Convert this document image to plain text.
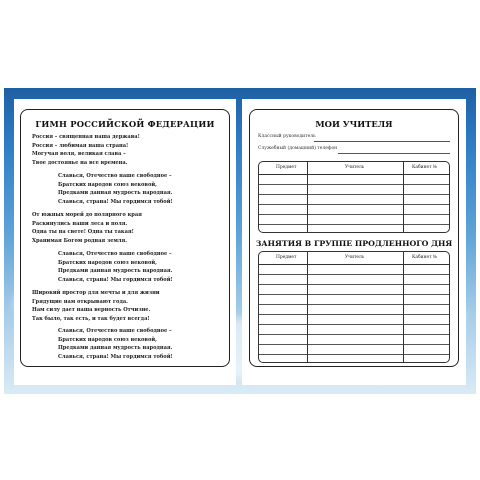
ГИМН РОССИЙСКОЙ ФЕДЕРАЦИИ
Россия – священная наша держава!
Россия – любимая наша страна!
Могучая воля, великая слава –
Твое достоянье на все времена.
Славься, Отечество наше свободное –
Братских народов союз вековой,
Предками данная мудрость народная.
Славься, страна! Мы гордимся тобой!
От южных морей до полярного края
Раскинулись наши леса и поля.
Одна ты на свете! Одна ты такая!
Хранимая Богом родная земля.
Славься, Отечество наше свободное –
Братских народов союз вековой,
Предками данная мудрость народная.
Славься, страна! Мы гордимся тобой!
Широкий простор для мечты и для жизни
Грядущие нам открывают года.
Нам силу дает наша верность Отчизне.
Так было, так есть, и так будет всегда!
Славься, Отечество наше свободное –
Братских народов союз вековой,
Предками данная мудрость народная.
Славься, страна! Мы гордимся тобой!
МОИ УЧИТЕЛЯ
Классный руководитель
Служебный (домашний) телефон
Предмет	Учитель	Кабинет №
ЗАНЯТИЯ В ГРУППЕ ПРОДЛЕННОГО ДНЯ
Предмет	Учитель	Кабинет №
